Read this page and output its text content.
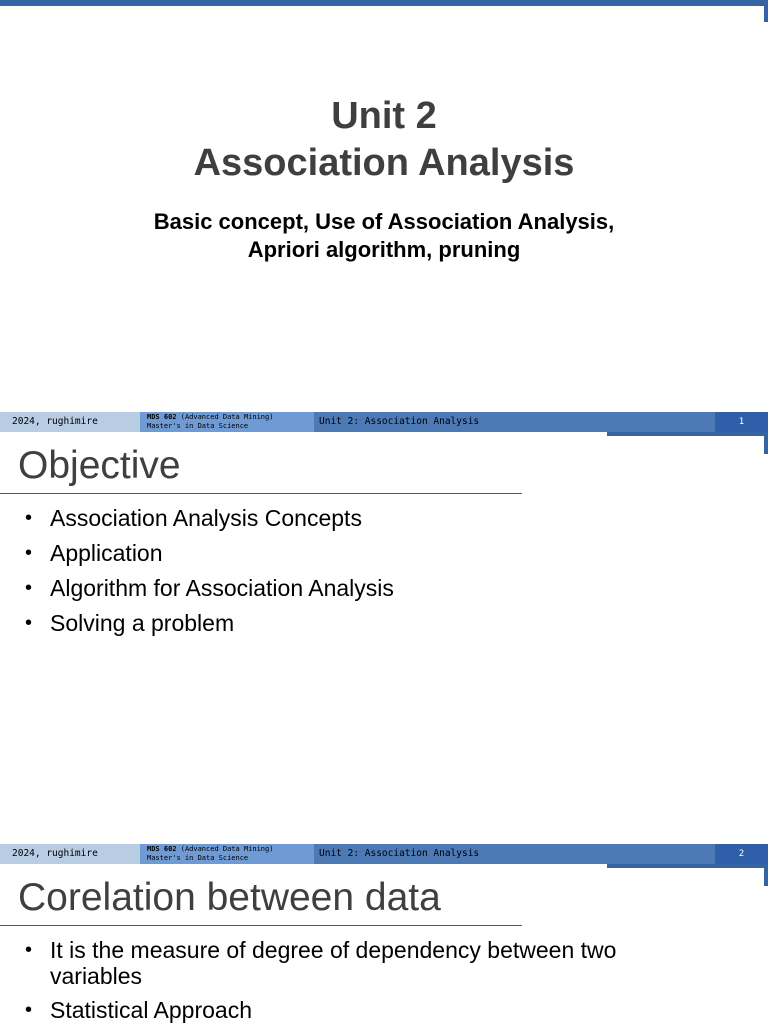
Unit 2
Association Analysis
Basic concept, Use of Association Analysis,
Apriori algorithm, pruning
2024, rughimire	MDS 602 (Advanced Data Mining)
Master's in Data Science	Unit 2: Association Analysis	1
Objective
• Association Analysis Concepts
• Application
• Algorithm for Association Analysis
• Solving a problem
2024, rughimire	MDS 602 (Advanced Data Mining)
Master's in Data Science	Unit 2: Association Analysis	2
Corelation between data
• It is the measure of degree of dependency between two variables
• Statistical Approach
